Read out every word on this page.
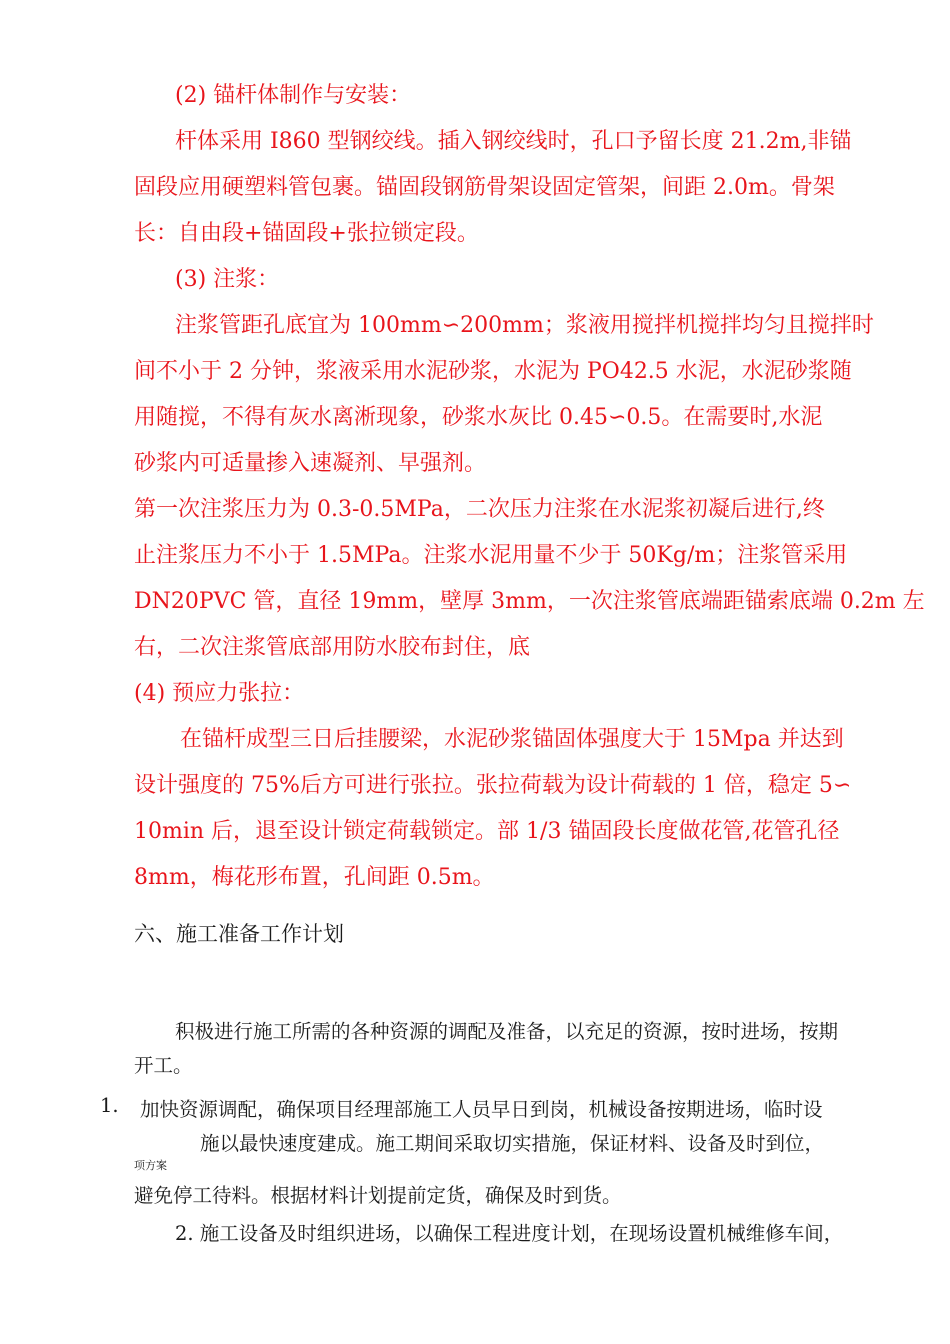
(2) 锚杆体制作与安装：

杆体采用 I860 型钢绞线。插入钢绞线时，孔口予留长度 21.2m,非锚

固段应用硬塑料管包裹。锚固段钢筋骨架设固定管架，间距 2.0m。骨架

长：自由段+锚固段+张拉锁定段。

(3) 注浆：

注浆管距孔底宜为 100mm∽200mm；浆液用搅拌机搅拌均匀且搅拌时

间不小于 2 分钟，浆液采用水泥砂浆，水泥为 PO42.5 水泥，水泥砂浆随

用随搅，不得有灰水离淅现象，砂浆水灰比 0.45∽0.5。在需要时,水泥

砂浆内可适量掺入速凝剂、早强剂。

第一次注浆压力为 0.3-0.5MPa，二次压力注浆在水泥浆初凝后进行,终

止注浆压力不小于 1.5MPa。注浆水泥用量不少于 50Kg/m；注浆管采用

DN20PVC 管，直径 19mm，壁厚 3mm，一次注浆管底端距锚索底端 0.2m 左

右，二次注浆管底部用防水胶布封住，底

(4) 预应力张拉：

在锚杆成型三日后挂腰梁，水泥砂浆锚固体强度大于 15Mpa 并达到

设计强度的 75%后方可进行张拉。张拉荷载为设计荷载的 1 倍，稳定 5∽

10min 后，退至设计锁定荷载锁定。部 1/3 锚固段长度做花管,花管孔径

8mm，梅花形布置，孔间距 0.5m。

六、施工准备工作计划

积极进行施工所需的各种资源的调配及准备，以充足的资源，按时进场，按期

开工。

1. 加快资源调配，确保项目经理部施工人员早日到岗，机械设备按期进场，临时设

施以最快速度建成。施工期间采取切实措施，保证材料、设备及时到位，

项方案

避免停工待料。根据材料计划提前定货，确保及时到货。

2. 施工设备及时组织进场，以确保工程进度计划，在现场设置机械维修车间，
